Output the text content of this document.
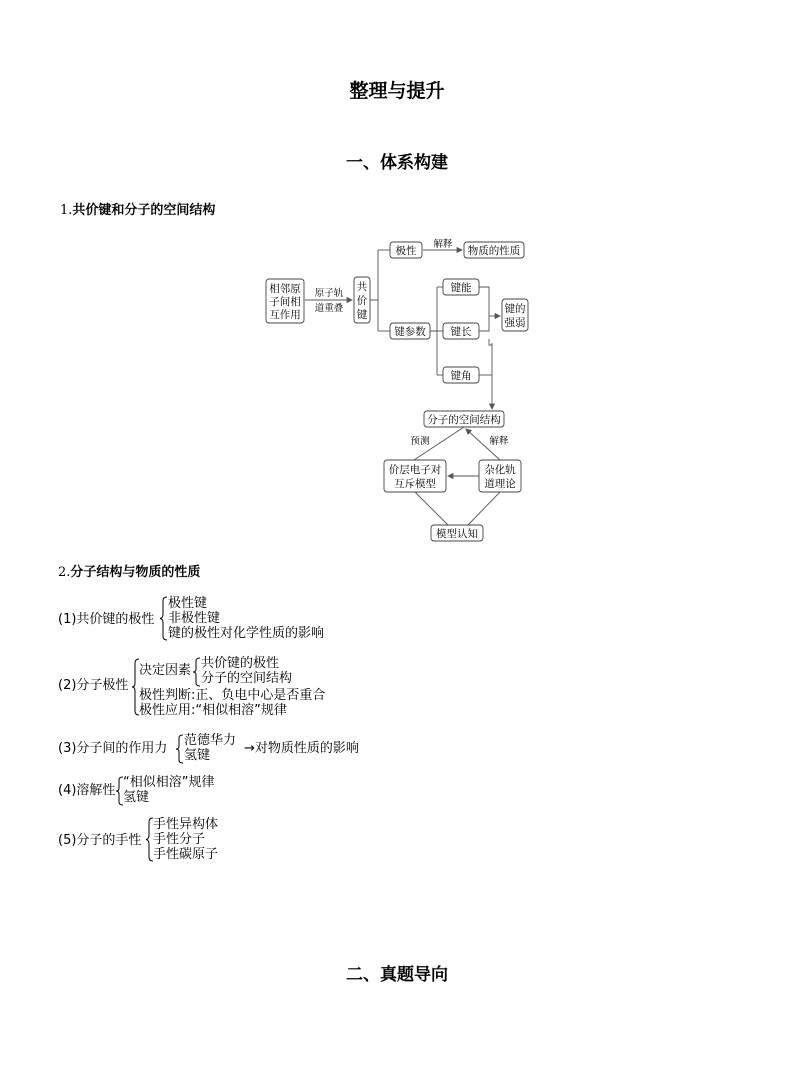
整理与提升
一、体系构建
1.共价键和分子的空间结构
相邻原
子间相
互作用
原子轨
道重叠
共
价
键
极性
解释
物质的性质
键参数
键能
键长
键角
键的
强弱
分子的空间结构
预测	解释
价层电子对
互斥模型
杂化轨
道理论
模型认知
2.分子结构与物质的性质
(1)共价键的极性
极性键
非极性键
键的极性对化学性质的影响
(2)分子极性
决定因素 共价键的极性
分子的空间结构
极性判断:正、负电中心是否重合
极性应用:“相似相溶”规律
(3)分子间的作用力
范德华力
氢键	→对物质性质的影响
(4)溶解性
“相似相溶”规律
氢键
(5)分子的手性
手性异构体
手性分子
手性碳原子
二、真题导向
